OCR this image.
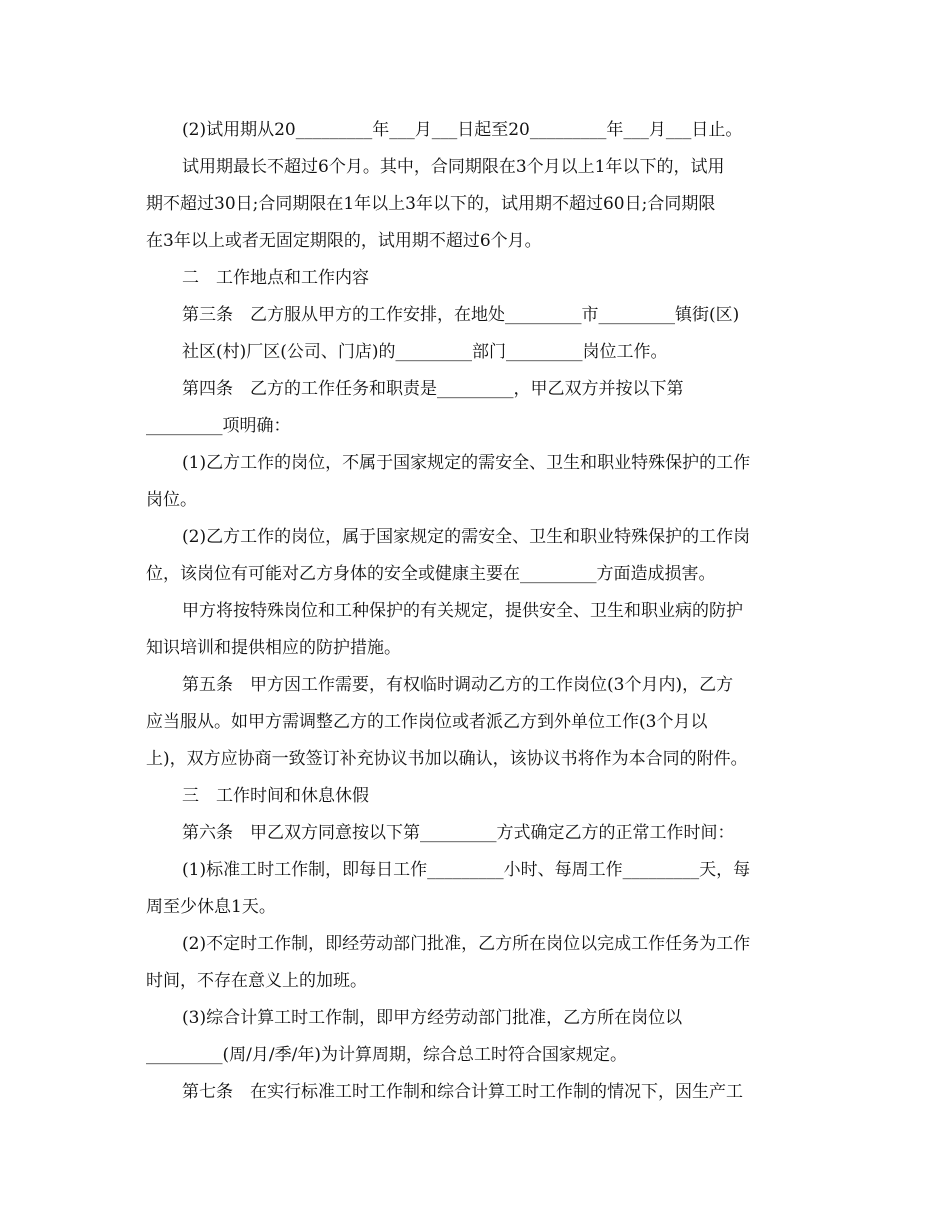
(2)试用期从20_________年___月___日起至20_________年___月___日止。
试用期最长不超过6个月。其中，合同期限在3个月以上1年以下的，试用
期不超过30日;合同期限在1年以上3年以下的，试用期不超过60日;合同期限
在3年以上或者无固定期限的，试用期不超过6个月。
二　工作地点和工作内容
第三条　乙方服从甲方的工作安排，在地处_________市_________镇街(区)
社区(村)厂区(公司、门店)的_________部门_________岗位工作。
第四条　乙方的工作任务和职责是_________，甲乙双方并按以下第
_________项明确：
(1)乙方工作的岗位，不属于国家规定的需安全、卫生和职业特殊保护的工作
岗位。
(2)乙方工作的岗位，属于国家规定的需安全、卫生和职业特殊保护的工作岗
位，该岗位有可能对乙方身体的安全或健康主要在_________方面造成损害。
甲方将按特殊岗位和工种保护的有关规定，提供安全、卫生和职业病的防护
知识培训和提供相应的防护措施。
第五条　甲方因工作需要，有权临时调动乙方的工作岗位(3个月内)，乙方
应当服从。如甲方需调整乙方的工作岗位或者派乙方到外单位工作(3个月以
上)，双方应协商一致签订补充协议书加以确认，该协议书将作为本合同的附件。
三　工作时间和休息休假
第六条　甲乙双方同意按以下第_________方式确定乙方的正常工作时间：
(1)标准工时工作制，即每日工作_________小时、每周工作_________天，每
周至少休息1天。
(2)不定时工作制，即经劳动部门批准，乙方所在岗位以完成工作任务为工作
时间，不存在意义上的加班。
(3)综合计算工时工作制，即甲方经劳动部门批准，乙方所在岗位以
_________(周/月/季/年)为计算周期，综合总工时符合国家规定。
第七条　在实行标准工时工作制和综合计算工时工作制的情况下，因生产工
